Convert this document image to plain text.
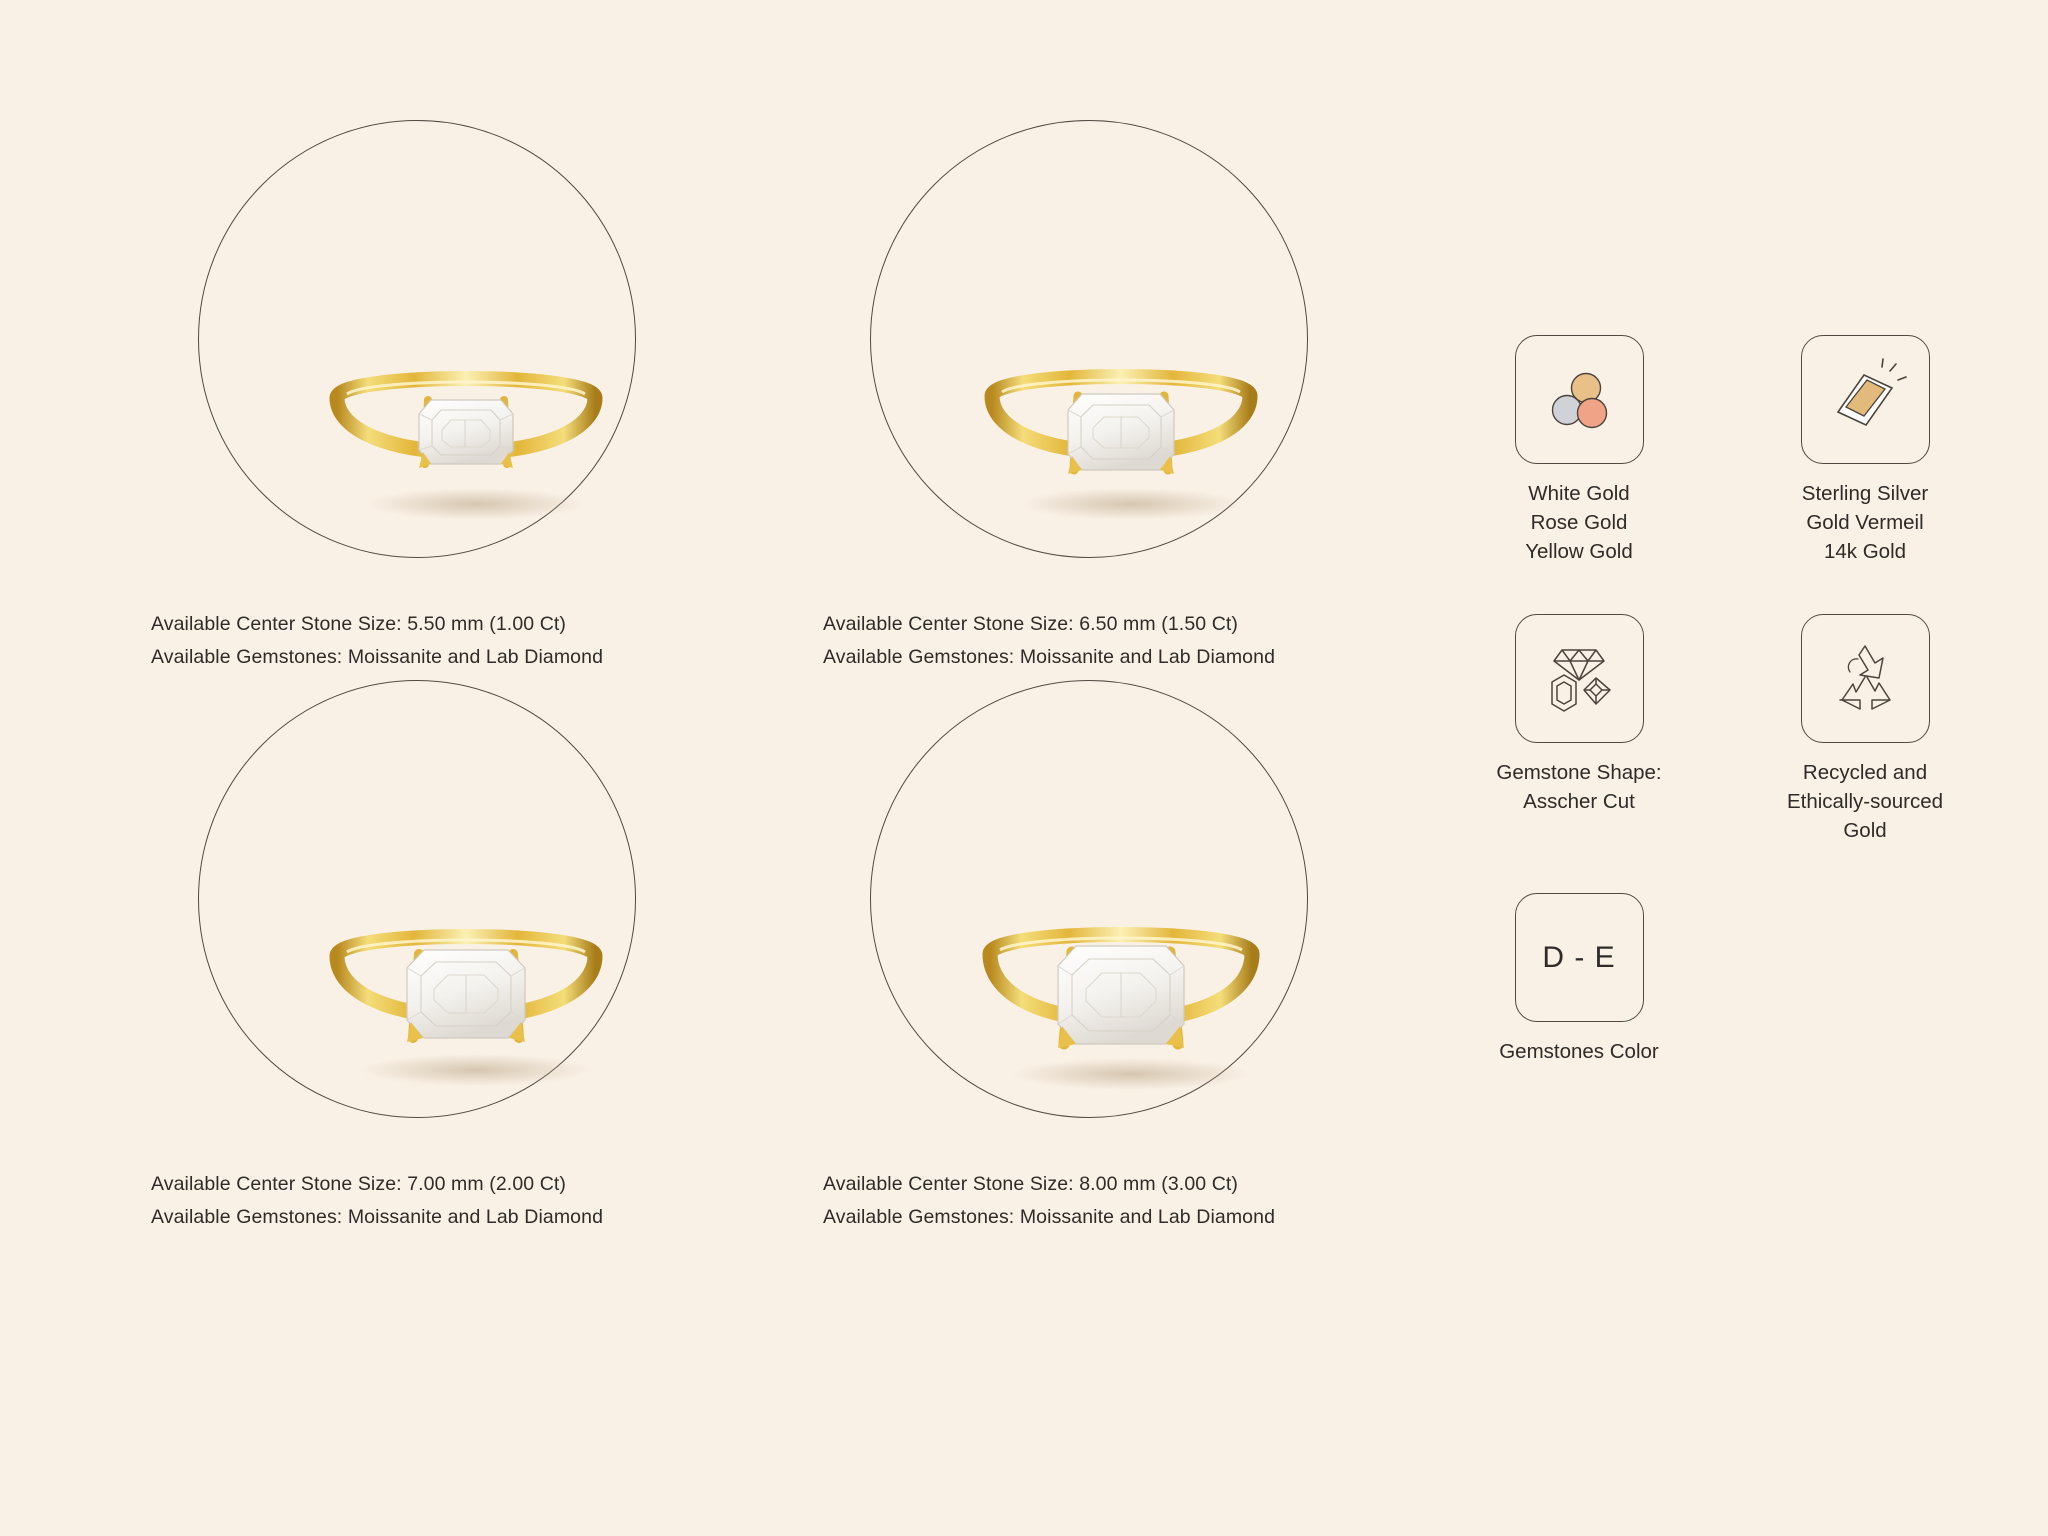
Available Center Stone Size: 5.50 mm (1.00 Ct)
Available Gemstones: Moissanite and Lab Diamond
Available Center Stone Size: 6.50 mm (1.50 Ct)
Available Gemstones: Moissanite and Lab Diamond
Available Center Stone Size: 7.00 mm (2.00 Ct)
Available Gemstones: Moissanite and Lab Diamond
Available Center Stone Size: 8.00 mm (3.00 Ct)
Available Gemstones: Moissanite and Lab Diamond
White Gold
Rose Gold
Yellow Gold
Sterling Silver
Gold Vermeil
14k Gold
Gemstone Shape:
Asscher Cut
Recycled and
Ethically-sourced
Gold
D - E
Gemstones Color
